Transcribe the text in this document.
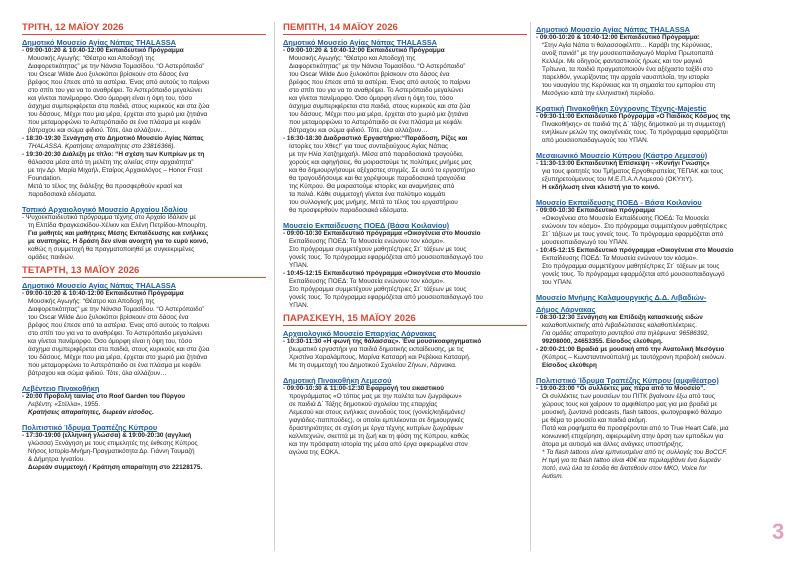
ΤΡΙΤΗ, 12 ΜΑΪΟΥ 2026
Δημοτικό Μουσείο Αγίας Νάπας THALASSA
- 09:00-10:20 & 10:40-12:00 Εκπαιδευτικό Πρόγραμμα
Μουσικής Αγωγής: “Θέατρο και Αποδοχή της
Διαφορετικότητας” με την Νάνσια Τομασίδου. “Ο Αστερόπαιδο”
του Oscar Wilde Δυο ξυλοκόποι βρίσκουν στο δάσος ένα
βρέφος που έπεσε από τα αστέρια. Ένας από αυτούς το παίρνει
στο σπίτι του για να το αναθρέψει. Το Αστερόπαιδο μεγαλώνει
και γίνεται πανέμορφο. Όσο όμορφη είναι η όψη του, τόσο
άσχημα συμπεριφέρεται στα παιδιά, στους κυρικούς και στα ζώα
του δάσους. Μέχρι που μια μέρα, έρχεται στο χωριό μια ζητιάνα
που μεταμορφώνει το Αστερόπαιδο σε ένα πλάσμα με κεφάλι
βάτραχου και σώμα φιδιού. Τότε, όλα αλλάζουν…
- 18:30-19:30 Ξενάγηση στο Δημοτικό Μουσείο Αγίας Νάπας
THALASSA. Κρατήσεις απαραίτητες στο 23816366).
- 19:30-20:30 Διάλεξη με τίτλο: “Η σχέση των Κυπρίων με τη
θάλασσα μέσα από τη μελέτη της αλιείας στην αρχαιότητα”
με την Δρ. Μαρία Μιχαήλ, Εταίρος Αρχαιολόγος – Honor Frost
Foundation.
Μετά το τέλος της διάλεξης θα προσφερθούν κρασί και
παραδοσιακά εδέσματα.
Τοπικό Αρχαιολογικό Μουσείο Αρχαίου Ιδαλίου
- Ψυχοεκπαιδευτικό πρόγραμμα τέχνης στο Αρχαίο Ιδάλιον με
τη Ελπίδα Φραγκεσκίδου-Χέλκιν και Ελένη Πετρίδου-Μπουρίτη.
Για μαθητές και μαθήτριες Μέσης Εκπαίδευσης και ενήλικες
με αναπηρίες. Η δράση δεν είναι ανοιχτή για το ευρύ κοινό,
καθώς η συμμετοχή θα πραγματοποιηθεί με συγκεκριμένες
ομάδες παιδιών.
ΤΕΤΑΡΤΗ, 13 ΜΑΪΟΥ 2026
Δημοτικό Μουσείο Αγίας Νάπας THALASSA
- 09:00-10:20 & 10:40-12:00 Εκπαιδευτικό Πρόγραμμα
Μουσικής Αγωγής: “Θέατρο και Αποδοχή της
Διαφορετικότητας” με την Νάνσια Τομασίδου. “Ο Αστερόπαιδο”
του Oscar Wilde Δυο ξυλοκόποι βρίσκουν στο δάσος ένα
βρέφος που έπεσε από τα αστέρια. Ένας από αυτούς το παίρνει
στο σπίτι του για να το αναθρέψει. Το Αστερόπαιδο μεγαλώνει
και γίνεται πανέμορφο. Όσο όμορφη είναι η όψη του, τόσο
άσχημα συμπεριφέρεται στα παιδιά, στους κυρικούς και στα ζώα
του δάσους. Μέχρι που μια μέρα, έρχεται στο χωριό μια ζητιάνα
που μεταμορφώνει το Αστερόπαιδο σε ένα πλάσμα με κεφάλι
βάτραχου και σώμα φιδιού. Τότε, όλα αλλάζουν…
Λεβέντειο Πινακοθήκη
- 20:00 Προβολή ταινίας στο Roof Garden του Πύργου
Λεβέντη: «Στέλλα», 1955.
Κρατήσεις απαραίτητες, δωρεάν είσοδος.
Πολιτιστικό Ίδρυμα Τραπέζης Κύπρου
- 17:30-19:00 (ελληνική γλώσσα) & 19:00-20:30 (αγγλική
γλώσσα) Ξενάγηση με τους επιμελητές της έκθεσης Κύπρος
Νήσος Ιστορία-Μνήμη-Πραγματικότητα Δρ. Γιάννη Τουμαζή
& Δήμητρα Ιγνατίου.
Δωρεάν συμμετοχή / Κράτηση απαραίτητη στο 22128175.
ΠΕΜΠΤΗ, 14 ΜΑΪΟΥ 2026
Δημοτικό Μουσείο Αγίας Νάπας THALASSA
- 09:00-10:20 & 10:40-12:00 Εκπαιδευτικό Πρόγραμμα
Μουσικής Αγωγής: “Θέατρο και Αποδοχή της
Διαφορετικότητας” με την Νάνσια Τομασίδου. “Ο Αστερόπαιδο”
του Oscar Wilde Δυο ξυλοκόποι βρίσκουν στο δάσος ένα
βρέφος που έπεσε από τα αστέρια. Ένας από αυτούς το παίρνει
στο σπίτι του για να το αναθρέψει. Το Αστερόπαιδο μεγαλώνει
και γίνεται πανέμορφο. Όσο όμορφη είναι η όψη του, τόσο
άσχημα συμπεριφέρεται στα παιδιά, στους κυρικούς και στα ζώα
του δάσους. Μέχρι που μια μέρα, έρχεται στο χωριό μια ζητιάνα
που μεταμορφώνει το Αστερόπαιδο σε ένα πλάσμα με κεφάλι
βάτραχου και σώμα φιδιού. Τότε, όλα αλλάζουν…
- 16:30-18:30 Διαδραστικό Εργαστήριο:“Παράδοση, Ρίζες και
Ιστορίες του Χθες!” για τους συνταξιούχους Αγίας Νάπας
με την Ηλία Χατζημιχαήλ. Μέσα από παραδοσιακά τραγούδια,
χορούς και αφηγήσεις, θα μοιραστούμε τις πολύτιμες μνήμες μας
και θα δημιουργήσουμε αξέχαστες στιγμές. Σε αυτό το εργαστήριο
θα τραγουδήσουμε και θα χορέψουμε παραδοσιακά τραγούδια
της Κύπρου. Θα μοιραστούμε ιστορίες και αναμνήσεις από
τα παλιά. Κάθε συμμετοχή γίνεται ένα πολύτιμο κομμάτι
του συλλογικής μας μνήμης. Μετά το τέλος του εργαστήριου
θα προσφερθούν παραδοσιακά εδέσματα.
Μουσείο Εκπαίδευσης ΠΟΕΔ (Βάσα Κοιλανίου)
- 09:00-10:30 Εκπαιδευτικό πρόγραμμα «Οικογένεια στο Μουσείο
Εκπαίδευσης ΠΟΕΔ: Τα Μουσεία ενώνουν τον κόσμο».
Στο πρόγραμμα συμμετέχουν μαθητές/τριες Στ΄ τάξεων με τους
γονείς τους. Το πρόγραμμα εφαρμόζεται από μουσειοπαιδαγωγό του
ΥΠΑΝ.
- 10:45-12:15 Εκπαιδευτικό πρόγραμμα «Οικογένεια στο Μουσείο
Εκπαίδευσης ΠΟΕΔ: Τα Μουσεία ενώνουν τον κόσμο».
Στο πρόγραμμα συμμετέχουν μαθητές/τριες Στ΄ τάξεων με τους
γονείς τους. Το πρόγραμμα εφαρμόζεται από μουσειοπαιδαγωγό του
ΥΠΑΝ.
ΠΑΡΑΣΚΕΥΗ, 15 ΜΑΪΟΥ 2026
Αρχαιολογικό Μουσείο Επαρχίας Λάρνακας
- 10:30-11:30 «Η φωνή της θάλασσας». Ένα μουσικοαφηγηματικό
βιωματικό εργαστήρι για παιδιά δημοτικής εκπαίδευσης, με τις
Χριστίνα Χαραλάμπους, Μαρίνα Κατσαρή και Ρεβέκκα Κατσαρή.
Με τη συμμετοχή του Δημοτικού Σχολείου Ζήνων, Λάρνακα.
Δημοτική Πινακοθήκη Λεμεσού
- 09:00-10:30 & 11:00-12:30 Εφαρμογή του εικαστικού
προγράμματος «Ο τόπος μας με την παλέτα των ζωγράφων»
σε παιδιά Δ΄ Τάξης δημοτικού σχολείου της επαρχίας
Λεμεσού και στους ενήλικες συνοδούς τους (γονείς/κηδεμόνες/
γιαγιάδες-παππούδες), οι οποίοι εμπλέκονται σε δημιουργικές
δραστηριότητες σε σχέση με έργα τέχνης κυπρίων ζωγράφων
καλλιτεχνών, σκεπτά με τη ζωή και τη φύση της Κύπρου, καθώς
και την πρόσφατη ιστορία της μέσα από έργα αφιερωμένα στον
αγώνα της ΕΟΚΑ.
Δημοτικό Μουσείο Αγίας Νάπας THALASSA
- 09:00-10:20 & 10:40-12:00 Εκπαιδευτικό Πρόγραμμα:
“Στην Αγία Νάπα τι θαλασσοφέλπτι… Καράβι της Κερύνειας,
ανοίξ πανιά!” με την μουσειοπαιδαγωγό Μαρίνα Πρωτοπαπά
Κελλέρι. Με οδηγούς φανταστικούς ήρωες και τον μαγικό
Τρίτωνα, τα παιδιά πραγματοποιούν ένα αξέχαστο ταξίδι στο
παρελθόν, γνωρίζοντας την αρχαία ναυσιπλοΐα, την ιστορία
του ναυαγίου της Κερύνειας και τη σημασία του εμπορίου στη
Μεσόγειο κατά την ελληνιστική περίοδο.
Κρατική Πινακοθήκη Σύγχρονης Τέχνης-Majestic
- 09:30-11:00 Εκπαιδευτικό Πρόγραμμα «Ο Παιδικός Κόσμος της
Πινακοθήκης» σε παιδιά της Δ΄ τάξης δημοτικού με τη συμμετοχή
ενηλίκων μελών της οικογένειάς τους. Το πρόγραμμα εφαρμόζεται
από μουσειοπαιδαγωγούς του ΥΠΑΝ.
Μεσαιωνικό Μουσείο Κύπρου (Κάστρο Λεμεσού)
- 11:30-13:00 Εκπαιδευτική Επίσκεψη - «Κυνήγι Γνώσης»
για τους φοιτητές του Τμήματος Εργοθεραπείας ΤΕΠΑΚ και τους
εξυπηρετούμενους του Μ.Ε.Π.Α.Λ Λεμεσού (ΟΚΥπΥ).
Η εκδήλωση είναι κλειστή για το κοινό.
Μουσείο Εκπαίδευσης ΠΟΕΔ - Βάσα Κοιλανίου
- 09:00-10:30 Εκπαιδευτικό πρόγραμμα
«Οικογένεια στο Μουσείο Εκπαίδευσης ΠΟΕΔ: Τα Μουσεία
ενώνουν τον κόσμο». Στο πρόγραμμα συμμετέχουν μαθητές/τριες
Στ΄ τάξεων με τους γονείς τους. Το πρόγραμμα εφαρμόζεται από
μουσειοπαιδαγωγό του ΥΠΑΝ.
- 10:45-12:15 Εκπαιδευτικό πρόγραμμα «Οικογένεια στο Μουσείο
Εκπαίδευσης ΠΟΕΔ: Τα Μουσεία ενώνουν τον κόσμο».
Στο πρόγραμμα συμμετέχουν μαθητές/τριες Στ΄ τάξεων με τους
γονείς τους. Το πρόγραμμα εφαρμόζεται από μουσειοπαιδαγωγό
του ΥΠΑΝ.
Μουσείο Μνήμης Καλαμουργικής Δ.Δ. Λιβαδιών-
Δήμος Λάρνακας
- 08:30-12:30 Ξενάγηση και Επίδειξη κατασκευής ειδών
καλαθοπλεκτικής από Λιβαδιώτισσες καλαθοπλέκτριες.
Για ομάδες απαραίτητο ραντεβού στα τηλέφωνα: 96586392,
99208000, 24653355. Είσοδος ελεύθερη.
- 20:00-21:00 Βραδιά με μουσική από την Ανατολική Μεσόγειο
(Κύπρος – Κωνσταντινούπολη) με ταυτόχρονη προβολή εικόνων.
Είσοδος ελεύθερη
Πολιτιστικό Ίδρυμα Τραπέζης Κύπρου (αμφιθέατρο)
- 19:00-23:00 “Οι συλλέκτες μας πέρα από το Μουσείο”.
Οι συλλέκτες των μουσείων του ΠΙΤΚ βγαίνουν έξω από τους
χώρους τους και χαίρουν το αμφιθέατρο μας για μια βραδιά με
μουσική, ζωντανά podcasts, flash tattoos, φωτογραφικό θάλαμο
με θέμα το μουσείο και παιδιά ακόμη.
Ποτά και ροφήματα θα προσφέρονται από το True Heart Café, μια
κοινωνική επιχείρηση, αφιερωμένη στην άρση των εμποδίων για
άτομα με αυτισμό και άλλες ανάγκες υποστήριξης.
* Τα flash tattoos είναι εμπνευσμένα από τις συλλογές του BoCCF.
Η τιμή για τα flash tattoo είναι 40€ και περιλαμβάνει ένα δωρεάν
ποτό, ενώ όλα τα έσοδα θα διατεθούν στον ΜΚΟ, Voice for
Autism.
3
